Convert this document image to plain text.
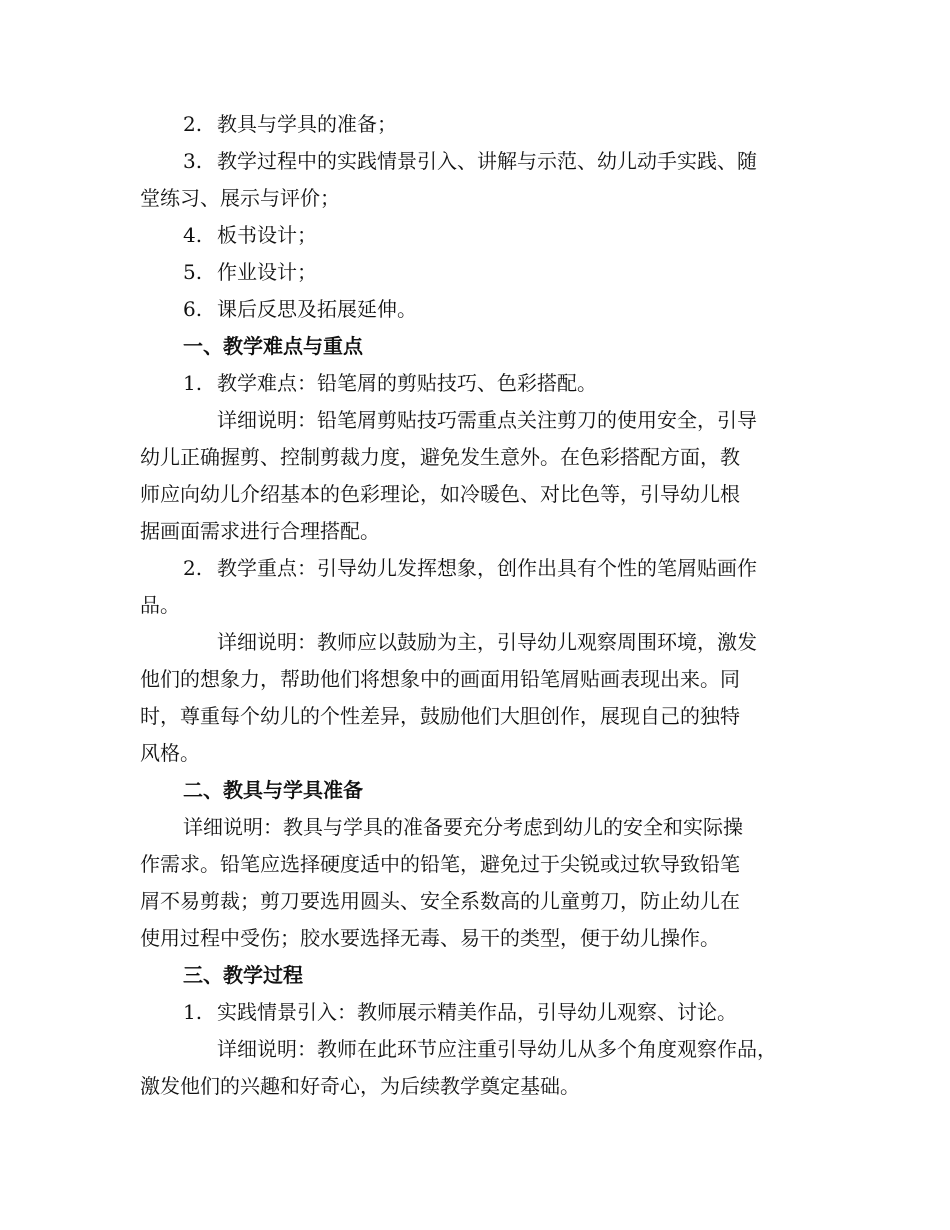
2. 教具与学具的准备；
3. 教学过程中的实践情景引入、讲解与示范、幼儿动手实践、随
堂练习、展示与评价；
4. 板书设计；
5. 作业设计；
6. 课后反思及拓展延伸。
一、教学难点与重点
1. 教学难点：铅笔屑的剪贴技巧、色彩搭配。
详细说明：铅笔屑剪贴技巧需重点关注剪刀的使用安全，引导
幼儿正确握剪、控制剪裁力度，避免发生意外。在色彩搭配方面，教
师应向幼儿介绍基本的色彩理论，如冷暖色、对比色等，引导幼儿根
据画面需求进行合理搭配。
2. 教学重点：引导幼儿发挥想象，创作出具有个性的笔屑贴画作
品。
详细说明：教师应以鼓励为主，引导幼儿观察周围环境，激发
他们的想象力，帮助他们将想象中的画面用铅笔屑贴画表现出来。同
时，尊重每个幼儿的个性差异，鼓励他们大胆创作，展现自己的独特
风格。
二、教具与学具准备
详细说明：教具与学具的准备要充分考虑到幼儿的安全和实际操
作需求。铅笔应选择硬度适中的铅笔，避免过于尖锐或过软导致铅笔
屑不易剪裁；剪刀要选用圆头、安全系数高的儿童剪刀，防止幼儿在
使用过程中受伤；胶水要选择无毒、易干的类型，便于幼儿操作。
三、教学过程
1. 实践情景引入：教师展示精美作品，引导幼儿观察、讨论。
详细说明：教师在此环节应注重引导幼儿从多个角度观察作品，
激发他们的兴趣和好奇心，为后续教学奠定基础。
